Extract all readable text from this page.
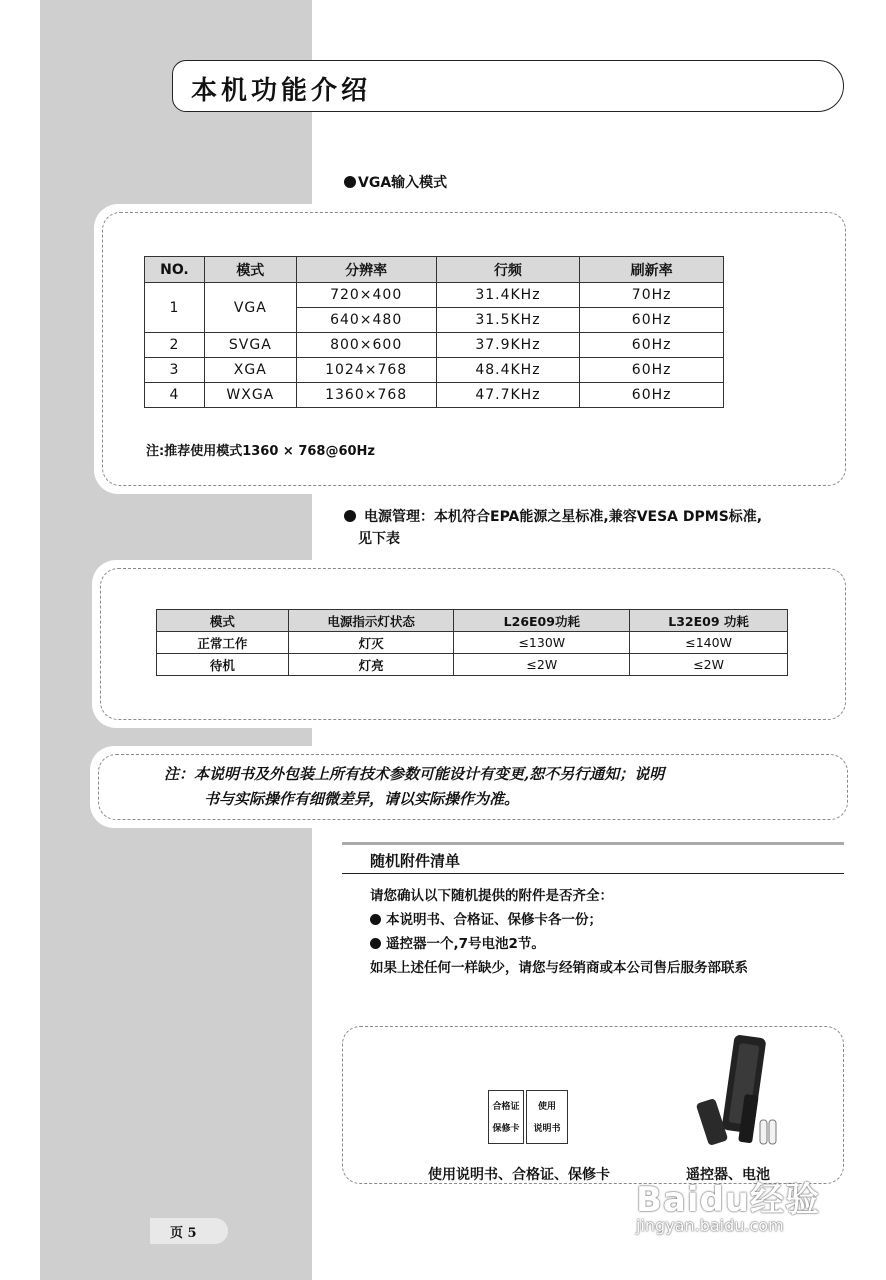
本机功能介绍
VGA输入模式
NO.	模式	分辨率	行频	刷新率
1	VGA	720×400	31.4KHz	70Hz
		640×480	31.5KHz	60Hz
2	SVGA	800×600	37.9KHz	60Hz
3	XGA	1024×768	48.4KHz	60Hz
4	WXGA	1360×768	47.7KHz	60Hz
注:推荐使用模式1360 × 768@60Hz
电源管理：本机符合EPA能源之星标准,兼容VESA DPMS标准,
见下表
模式	电源指示灯状态	L26E09功耗	L32E09 功耗
正常工作	灯灭	≤130W	≤140W
待机	灯亮	≤2W	≤2W
注：本说明书及外包装上所有技术参数可能设计有变更,恕不另行通知；说明
书与实际操作有细微差异，请以实际操作为准。
随机附件清单
请您确认以下随机提供的附件是否齐全：
本说明书、合格证、保修卡各一份；
遥控器一个,7号电池2节。
如果上述任何一样缺少，请您与经销商或本公司售后服务部联系
合格证
保修卡
使用
说明书
使用说明书、合格证、保修卡	遥控器、电池
页 5
Baidu经验
jingyan.baidu.com
